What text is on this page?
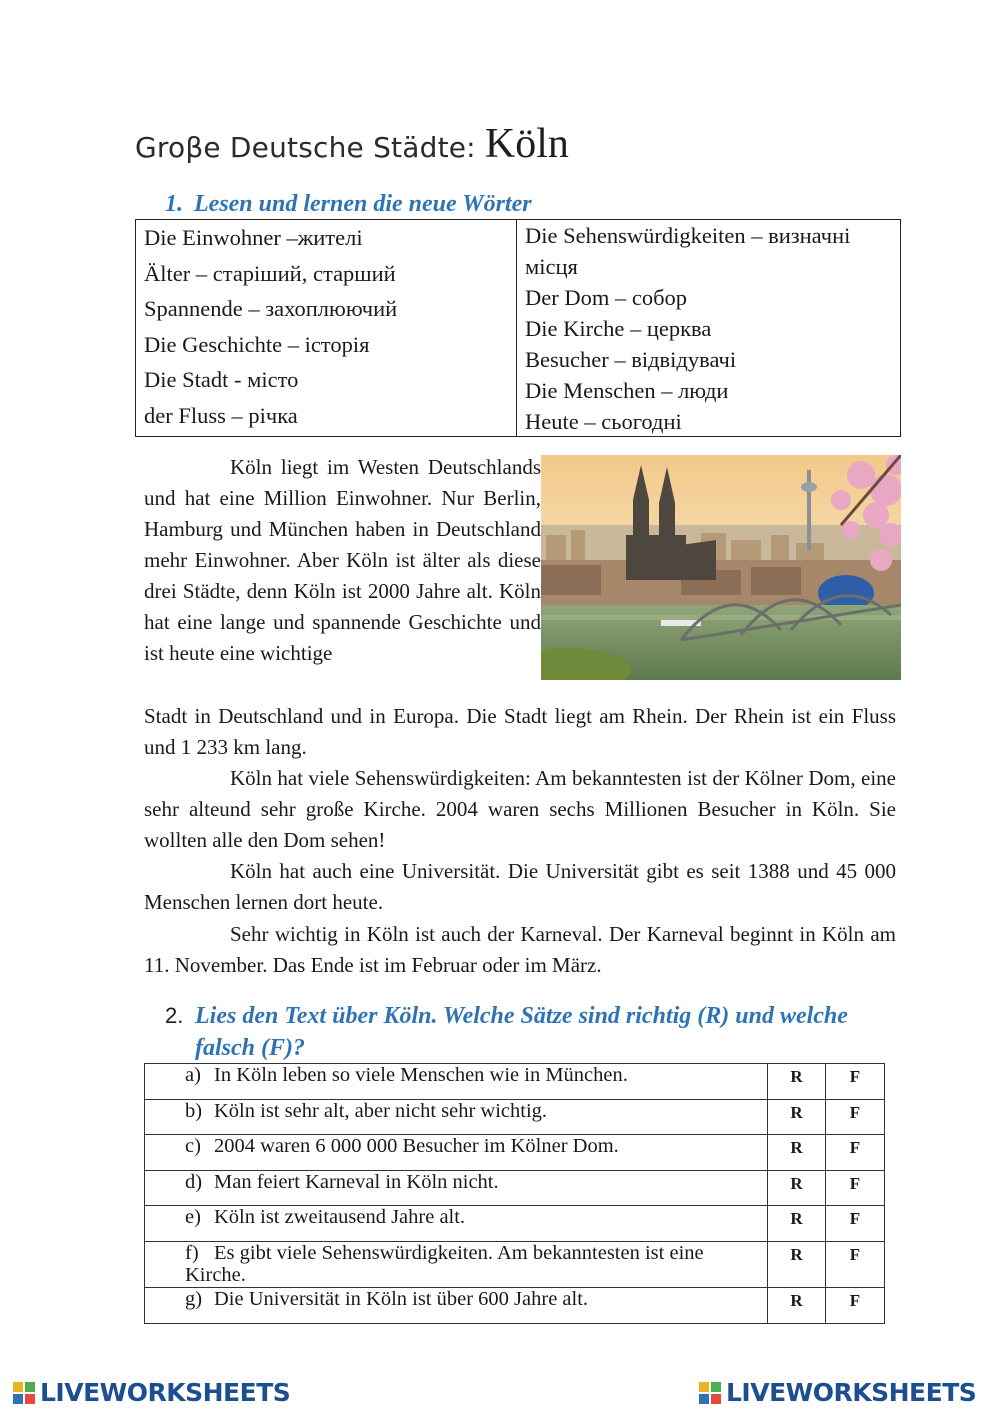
Groβe Deutsche Städte: Köln
1. Lesen und lernen die neue Wörter
Die Einwohner –жителі
Älter – старіший, старший
Spannende – захоплюючий
Die Geschichte – історія
Die Stadt - місто
der Fluss – річка
Die Sehenswürdigkeiten – визначні місця
Der Dom – собор
Die Kirche – церква
Besucher – відвідувачі
Die Menschen – люди
Heute – сьогодні

Köln liegt im Westen Deutschlands und hat eine Million Einwohner. Nur Berlin, Hamburg und München haben in Deutschland mehr Einwohner. Aber Köln ist älter als diese drei Städte, denn Köln ist 2000 Jahre alt. Köln hat eine lange und spannende Geschichte und ist heute eine wichtige

Stadt in Deutschland und in Europa. Die Stadt liegt am Rhein. Der Rhein ist ein Fluss und 1 233 km lang.

Köln hat viele Sehenswürdigkeiten: Am bekanntesten ist der Kölner Dom, eine sehr alteund sehr große Kirche. 2004 waren sechs Millionen Besucher in Köln. Sie wollten alle den Dom sehen!

Köln hat auch eine Universität. Die Universität gibt es seit 1388 und 45 000 Menschen lernen dort heute.

Sehr wichtig in Köln ist auch der Karneval. Der Karneval beginnt in Köln am 11. November. Das Ende ist im Februar oder im März.

2. Lies den Text über Köln. Welche Sätze sind richtig (R) und welche falsch (F)?
a) In Köln leben so viele Menschen wie in München.	R	F
b) Köln ist sehr alt, aber nicht sehr wichtig.	R	F
c) 2004 waren 6 000 000 Besucher im Kölner Dom.	R	F
d) Man feiert Karneval in Köln nicht.	R	F
e) Köln ist zweitausend Jahre alt.	R	F
f) Es gibt viele Sehenswürdigkeiten. Am bekanntesten ist eine Kirche.	R	F
g) Die Universität in Köln ist über 600 Jahre alt.	R	F
LIVEWORKSHEETS	LIVEWORKSHEETS
